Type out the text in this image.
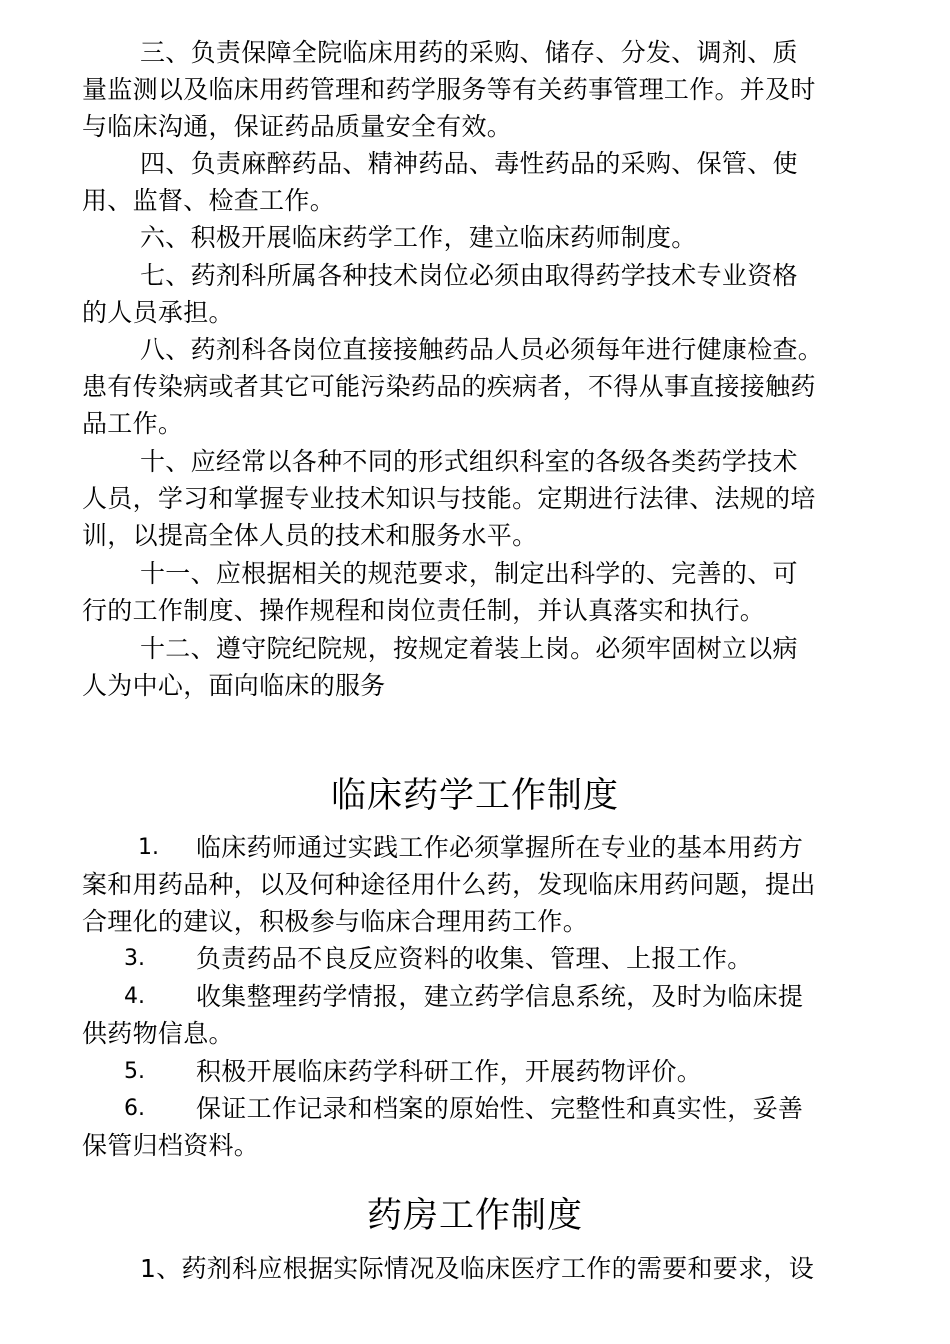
三、负责保障全院临床用药的采购、储存、分发、调剂、质
量监测以及临床用药管理和药学服务等有关药事管理工作。并及时
与临床沟通，保证药品质量安全有效。
四、负责麻醉药品、精神药品、毒性药品的采购、保管、使
用、监督、检查工作。
六、积极开展临床药学工作，建立临床药师制度。
七、药剂科所属各种技术岗位必须由取得药学技术专业资格
的人员承担。
八、药剂科各岗位直接接触药品人员必须每年进行健康检查。
患有传染病或者其它可能污染药品的疾病者，不得从事直接接触药
品工作。
十、应经常以各种不同的形式组织科室的各级各类药学技术
人员，学习和掌握专业技术知识与技能。定期进行法律、法规的培
训，以提高全体人员的技术和服务水平。
十一、应根据相关的规范要求，制定出科学的、完善的、可
行的工作制度、操作规程和岗位责任制，并认真落实和执行。
十二、遵守院纪院规，按规定着装上岗。必须牢固树立以病
人为中心，面向临床的服务
临床药学工作制度
1. 临床药师通过实践工作必须掌握所在专业的基本用药方
案和用药品种，以及何种途径用什么药，发现临床用药问题，提出
合理化的建议，积极参与临床合理用药工作。
3. 负责药品不良反应资料的收集、管理、上报工作。
4. 收集整理药学情报，建立药学信息系统，及时为临床提
供药物信息。
5. 积极开展临床药学科研工作，开展药物评价。
6. 保证工作记录和档案的原始性、完整性和真实性，妥善
保管归档资料。
药房工作制度
1、药剂科应根据实际情况及临床医疗工作的需要和要求，设
